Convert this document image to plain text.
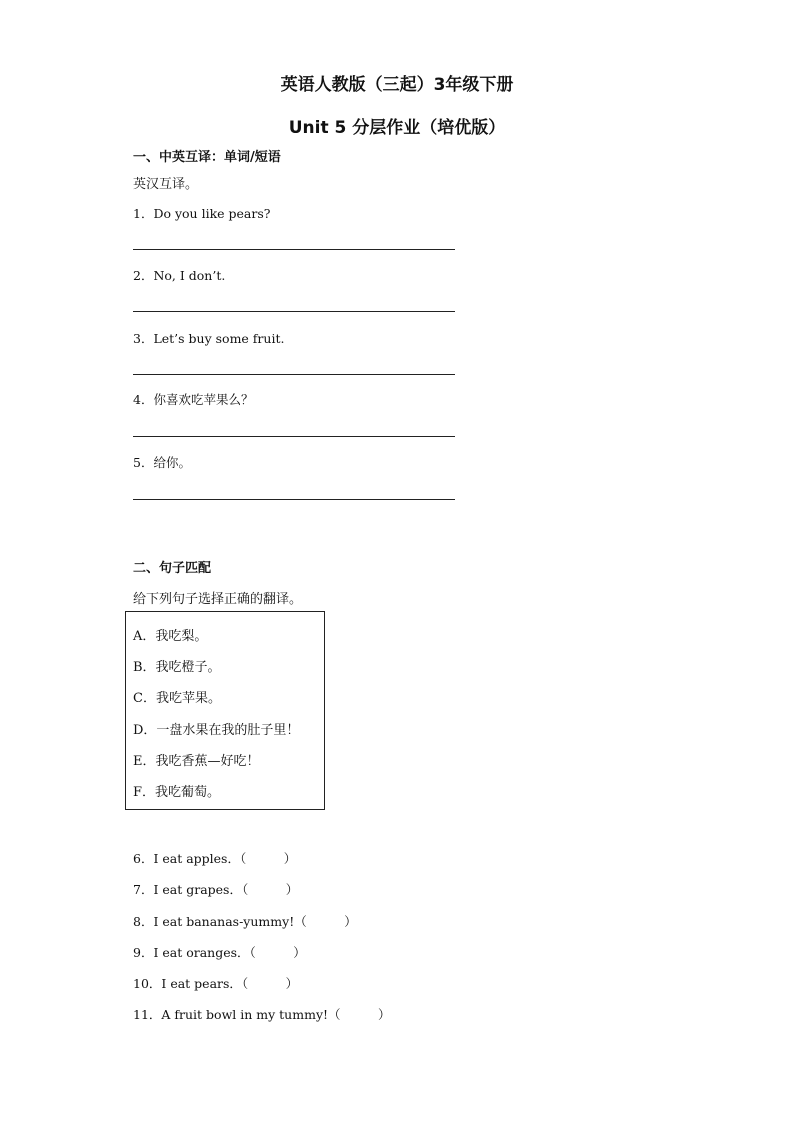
英语人教版（三起）3年级下册
Unit 5 分层作业（培优版）
一、中英互译：单词/短语
英汉互译。
1．Do you like pears?
2．No, I don’t.
3．Let’s buy some fruit.
4．你喜欢吃苹果么？
5．给你。
二、句子匹配
给下列句子选择正确的翻译。
A．我吃梨。
B．我吃橙子。
C．我吃苹果。
D．一盘水果在我的肚子里！
E．我吃香蕉—好吃！
F．我吃葡萄。
6．I eat apples．（　　　）
7．I eat grapes．（　　　）
8．I eat bananas-yummy!（　　　）
9．I eat oranges．（　　　）
10．I eat pears．（　　　）
11．A fruit bowl in my tummy!（　　　）
